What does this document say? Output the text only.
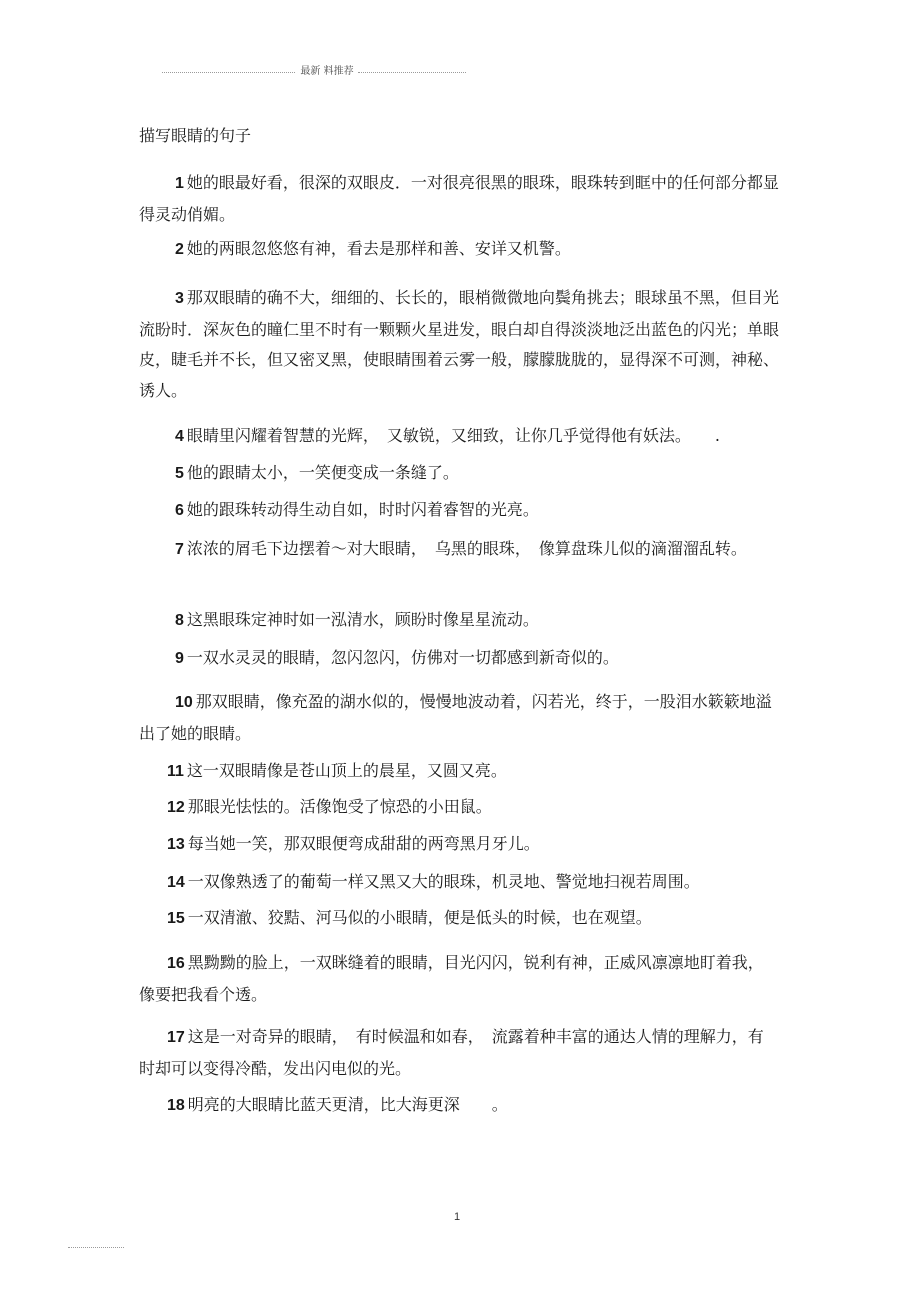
最新 料推荐
描写眼睛的句子
1 她的眼最好看，很深的双眼皮．一对很亮很黑的眼珠，眼珠转到眶中的任何部分都显得灵动俏媚。
2 她的两眼忽悠悠有神，看去是那样和善、安详又机警。
3 那双眼睛的确不大，细细的、长长的，眼梢微微地向鬓角挑去；眼球虽不黑，但目光流盼时．深灰色的瞳仁里不时有一颗颗火星进发，眼白却自得淡淡地泛出蓝色的闪光；单眼皮，睫毛并不长，但又密叉黑，使眼睛围着云雾一般，朦朦胧胧的，显得深不可测，神秘、诱人。
4 眼睛里闪耀着智慧的光辉，　又敏锐，又细致，让你几乎觉得他有妖法。　　.
5 他的跟睛太小，一笑便变成一条缝了。
6 她的跟珠转动得生动自如，时时闪着睿智的光亮。
7 浓浓的屑毛下边摆着～对大眼睛，　乌黑的眼珠，　像算盘珠儿似的滴溜溜乱转。
8 这黑眼珠定神时如一泓清水，顾盼时像星星流动。
9 一双水灵灵的眼睛，忽闪忽闪，仿佛对一切都感到新奇似的。
10 那双眼睛，像充盈的湖水似的，慢慢地波动着，闪若光，终于，一股泪水簌簌地溢出了她的眼睛。
11 这一双眼睛像是苍山顶上的晨星，又圆又亮。
12 那眼光怯怯的。活像饱受了惊恐的小田鼠。
13 每当她一笑，那双眼便弯成甜甜的两弯黑月牙儿。
14 一双像熟透了的葡萄一样又黑又大的眼珠，机灵地、警觉地扫视若周围。
15 一双清澈、狡黠、河马似的小眼睛，便是低头的时候，也在观望。
16 黑黝黝的脸上，一双眯缝着的眼睛，目光闪闪，锐利有神，正威风凛凛地盯着我，像要把我看个透。
17 这是一对奇异的眼睛，　有时候温和如春，　流露着种丰富的通达人情的理解力，有时却可以变得冷酷，发出闪电似的光。
18 明亮的大眼睛比蓝天更清，比大海更深　　。
1
